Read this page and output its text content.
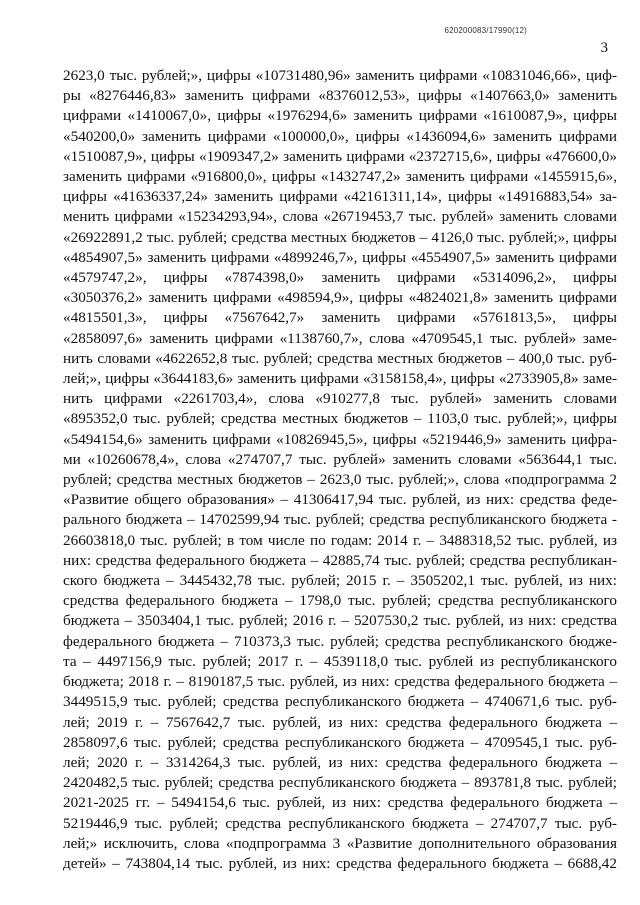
620200083/17990(12)
3
2623,0 тыс. рублей;», цифры «10731480,96» заменить цифрами «10831046,66», циф-
ры «8276446,83» заменить цифрами «8376012,53», цифры «1407663,0» заменить
цифрами «1410067,0», цифры «1976294,6» заменить цифрами «1610087,9», цифры
«540200,0» заменить цифрами «100000,0», цифры «1436094,6» заменить цифрами
«1510087,9», цифры «1909347,2» заменить цифрами «2372715,6», цифры «476600,0»
заменить цифрами «916800,0», цифры «1432747,2» заменить цифрами «1455915,6»,
цифры «41636337,24» заменить цифрами «42161311,14», цифры «14916883,54» за-
менить цифрами «15234293,94», слова «26719453,7 тыс. рублей» заменить словами
«26922891,2 тыс. рублей; средства местных бюджетов – 4126,0 тыс. рублей;», цифры
«4854907,5» заменить цифрами «4899246,7», цифры «4554907,5» заменить цифрами
«4579747,2», цифры «7874398,0» заменить цифрами «5314096,2», цифры
«3050376,2» заменить цифрами «498594,9», цифры «4824021,8» заменить цифрами
«4815501,3», цифры «7567642,7» заменить цифрами «5761813,5», цифры
«2858097,6» заменить цифрами «1138760,7», слова «4709545,1 тыс. рублей» заме-
нить словами «4622652,8 тыс. рублей; средства местных бюджетов – 400,0 тыс. руб-
лей;», цифры «3644183,6» заменить цифрами «3158158,4», цифры «2733905,8» заме-
нить цифрами «2261703,4», слова «910277,8 тыс. рублей» заменить словами
«895352,0 тыс. рублей; средства местных бюджетов – 1103,0 тыс. рублей;», цифры
«5494154,6» заменить цифрами «10826945,5», цифры «5219446,9» заменить цифра-
ми «10260678,4», слова «274707,7 тыс. рублей» заменить словами «563644,1 тыс.
рублей; средства местных бюджетов – 2623,0 тыс. рублей;», слова «подпрограмма 2
«Развитие общего образования» – 41306417,94 тыс. рублей, из них: средства феде-
рального бюджета – 14702599,94 тыс. рублей; средства республиканского бюджета -
26603818,0 тыс. рублей; в том числе по годам: 2014 г. – 3488318,52 тыс. рублей, из
них: средства федерального бюджета – 42885,74 тыс. рублей; средства республикан-
ского бюджета – 3445432,78 тыс. рублей; 2015 г. – 3505202,1 тыс. рублей, из них:
средства федерального бюджета – 1798,0 тыс. рублей; средства республиканского
бюджета – 3503404,1 тыс. рублей; 2016 г. – 5207530,2 тыс. рублей, из них: средства
федерального бюджета – 710373,3 тыс. рублей; средства республиканского бюдже-
та – 4497156,9 тыс. рублей; 2017 г. – 4539118,0 тыс. рублей из республиканского
бюджета; 2018 г. – 8190187,5 тыс. рублей, из них: средства федерального бюджета –
3449515,9 тыс. рублей; средства республиканского бюджета – 4740671,6 тыс. руб-
лей; 2019 г. – 7567642,7 тыс. рублей, из них: средства федерального бюджета –
2858097,6 тыс. рублей; средства республиканского бюджета – 4709545,1 тыс. руб-
лей; 2020 г. – 3314264,3 тыс. рублей, из них: средства федерального бюджета –
2420482,5 тыс. рублей; средства республиканского бюджета – 893781,8 тыс. рублей;
2021-2025 гг. – 5494154,6 тыс. рублей, из них: средства федерального бюджета –
5219446,9 тыс. рублей; средства республиканского бюджета – 274707,7 тыс. руб-
лей;» исключить, слова «подпрограмма 3 «Развитие дополнительного образования
детей» – 743804,14 тыс. рублей, из них: средства федерального бюджета – 6688,42
